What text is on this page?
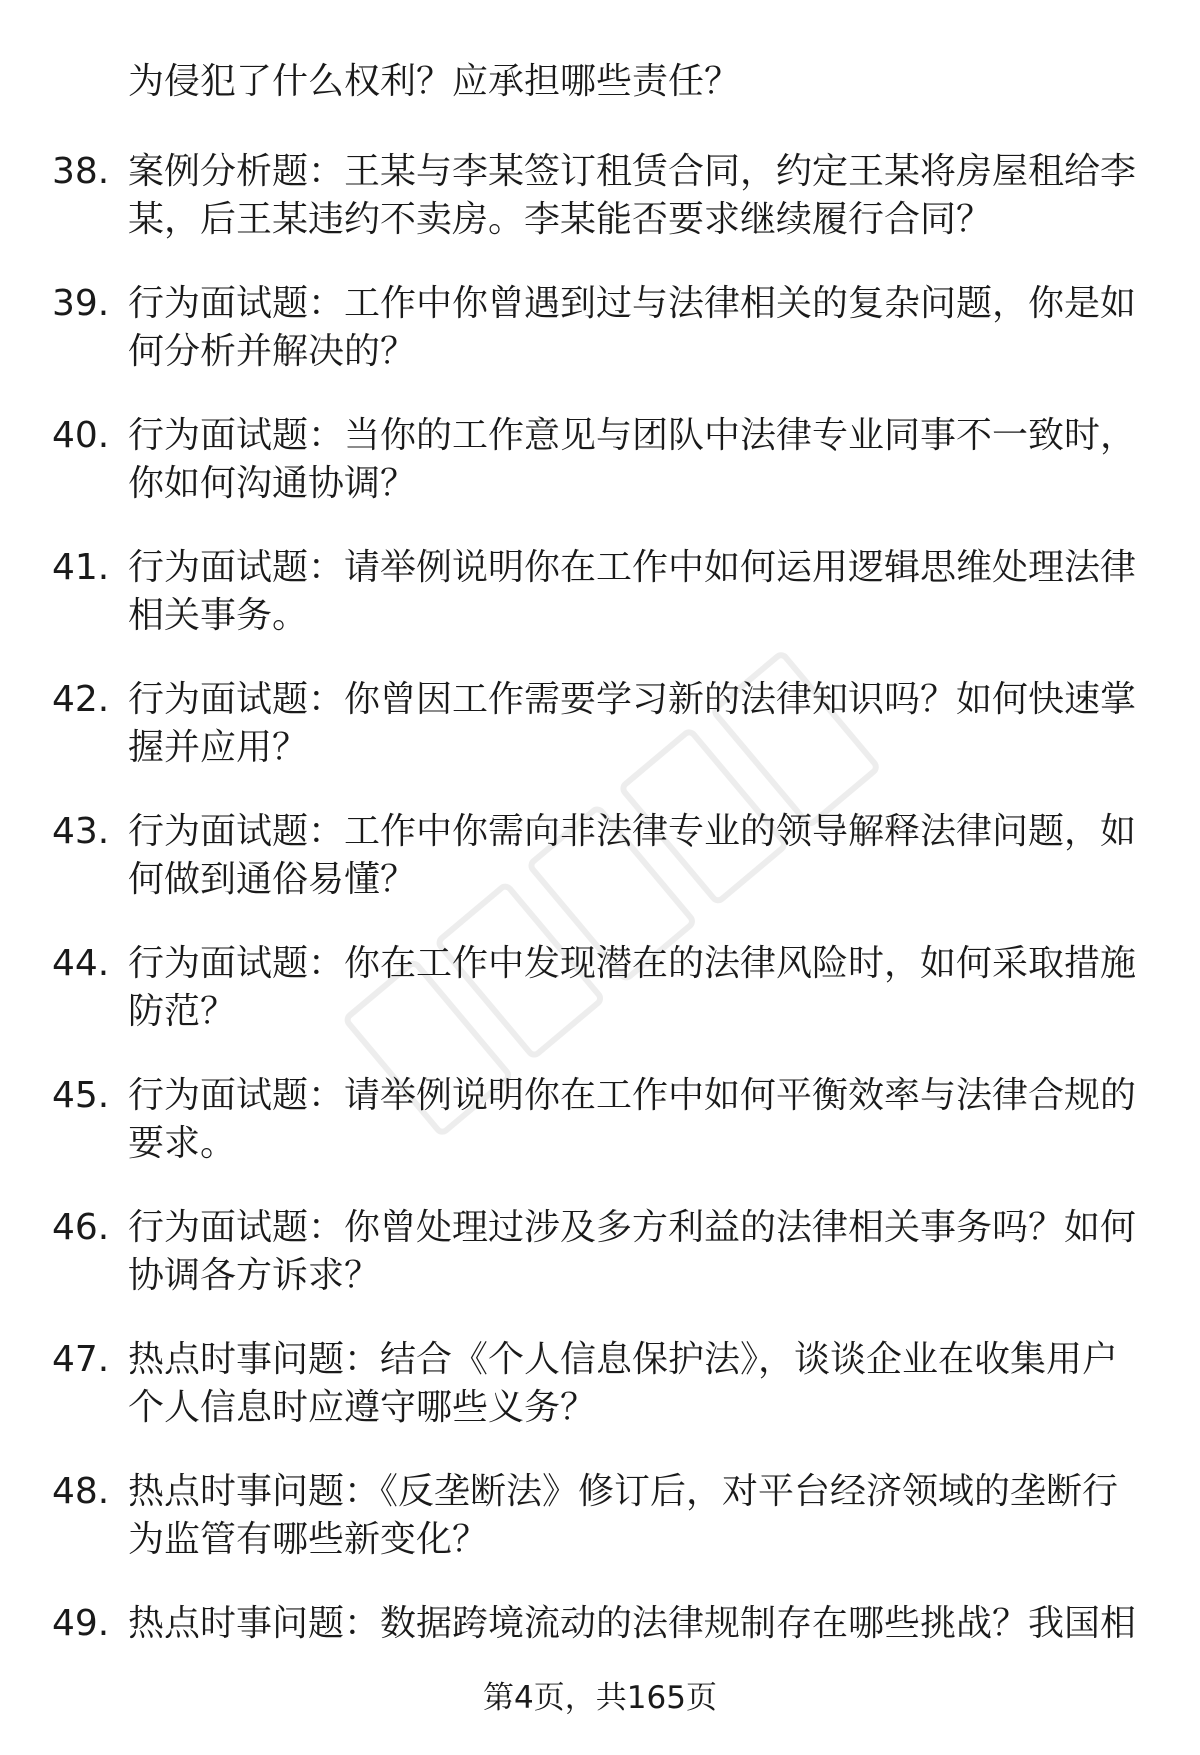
为侵犯了什么权利？应承担哪些责任？
38. 案例分析题：王某与李某签订租赁合同，约定王某将房屋租给李
某，后王某违约不卖房。李某能否要求继续履行合同？
39. 行为面试题：工作中你曾遇到过与法律相关的复杂问题，你是如
何分析并解决的？
40. 行为面试题：当你的工作意见与团队中法律专业同事不一致时，
你如何沟通协调？
41. 行为面试题：请举例说明你在工作中如何运用逻辑思维处理法律
相关事务。
42. 行为面试题：你曾因工作需要学习新的法律知识吗？如何快速掌
握并应用？
43. 行为面试题：工作中你需向非法律专业的领导解释法律问题，如
何做到通俗易懂？
44. 行为面试题：你在工作中发现潜在的法律风险时，如何采取措施
防范？
45. 行为面试题：请举例说明你在工作中如何平衡效率与法律合规的
要求。
46. 行为面试题：你曾处理过涉及多方利益的法律相关事务吗？如何
协调各方诉求？
47. 热点时事问题：结合《个人信息保护法》，谈谈企业在收集用户
个人信息时应遵守哪些义务？
48. 热点时事问题：《反垄断法》修订后，对平台经济领域的垄断行
为监管有哪些新变化？
49. 热点时事问题：数据跨境流动的法律规制存在哪些挑战？我国相
第4页，共165页
